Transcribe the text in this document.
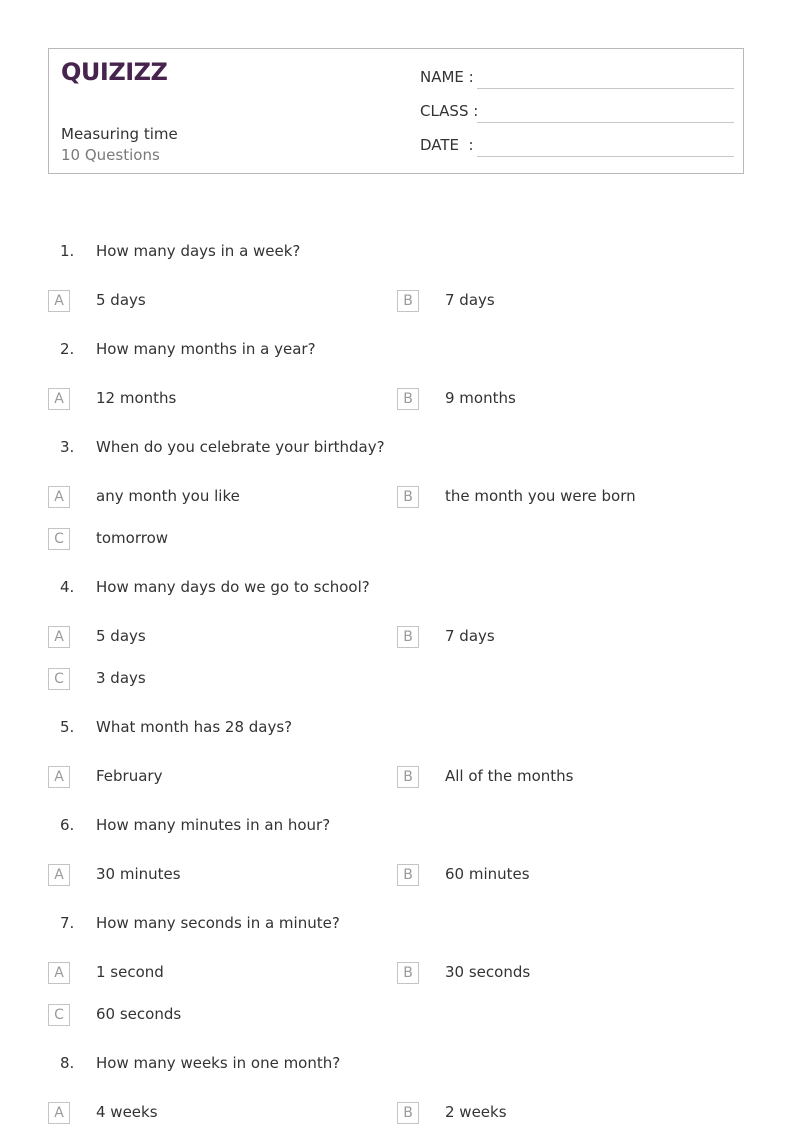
QUIZIZZ
Measuring time
10 Questions
NAME :
CLASS :
DATE  :
1. How many days in a week?
A	5 days	B	7 days
2. How many months in a year?
A	12 months	B	9 months
3. When do you celebrate your birthday?
A	any month you like	B	the month you were born
C	tomorrow
4. How many days do we go to school?
A	5 days	B	7 days
C	3 days
5. What month has 28 days?
A	February	B	All of the months
6. How many minutes in an hour?
A	30 minutes	B	60 minutes
7. How many seconds in a minute?
A	1 second	B	30 seconds
C	60 seconds
8. How many weeks in one month?
A	4 weeks	B	2 weeks
